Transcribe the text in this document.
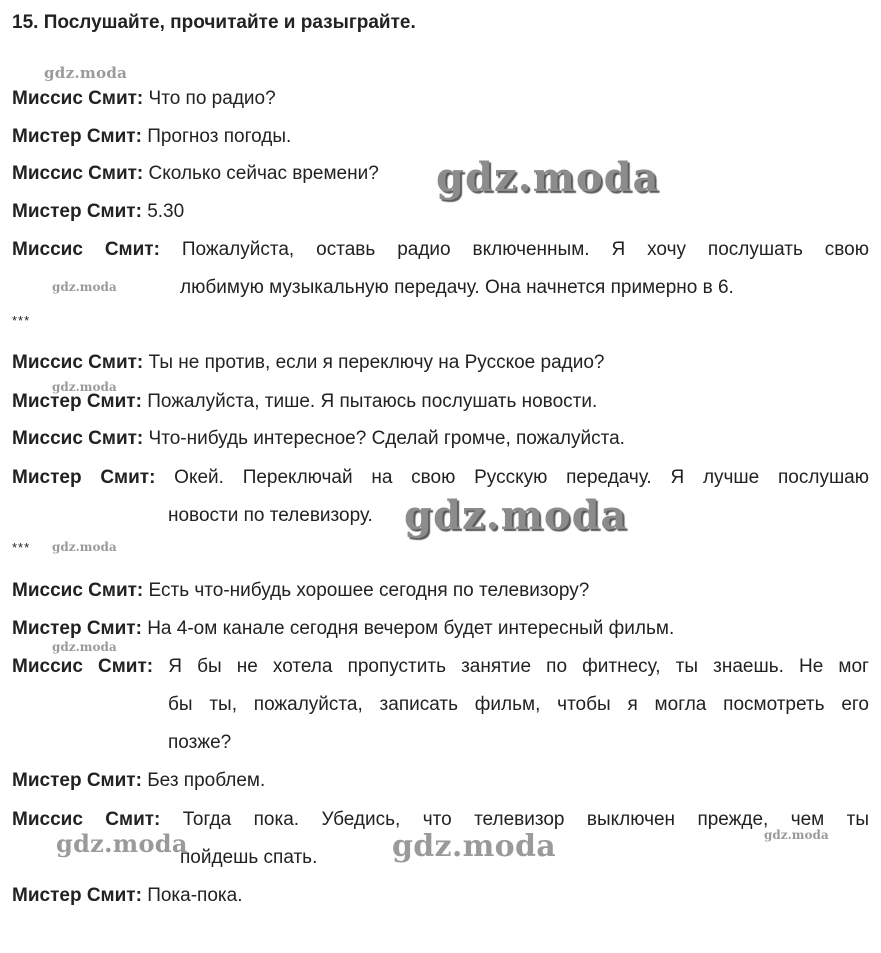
15. Послушайте, прочитайте и разыграйте.
Миссис Смит: Что по радио?
Мистер Смит: Прогноз погоды.
Миссис Смит: Сколько сейчас времени?
Мистер Смит: 5.30
Миссис Смит: Пожалуйста, оставь радио включенным. Я хочу послушать свою
любимую музыкальную передачу. Она начнется примерно в 6.
***
Миссис Смит: Ты не против, если я переключу на Русское радио?
Мистер Смит: Пожалуйста, тише. Я пытаюсь послушать новости.
Миссис Смит: Что-нибудь интересное? Сделай громче, пожалуйста.
Мистер Смит: Окей. Переключай на свою Русскую передачу. Я лучше послушаю
новости по телевизору.
***
Миссис Смит: Есть что-нибудь хорошее сегодня по телевизору?
Мистер Смит: На 4-ом канале сегодня вечером будет интересный фильм.
Миссис Смит: Я бы не хотела пропустить занятие по фитнесу, ты знаешь. Не мог
бы ты, пожалуйста, записать фильм, чтобы я могла посмотреть его
позже?
Мистер Смит: Без проблем.
Миссис Смит: Тогда пока. Убедись, что телевизор выключен прежде, чем ты
пойдешь спать.
Мистер Смит: Пока-пока.
gdz.moda
gdz.moda
gdz.moda
gdz.moda
gdz.moda
gdz.moda
gdz.moda
gdz.moda	gdz.moda	gdz.moda
